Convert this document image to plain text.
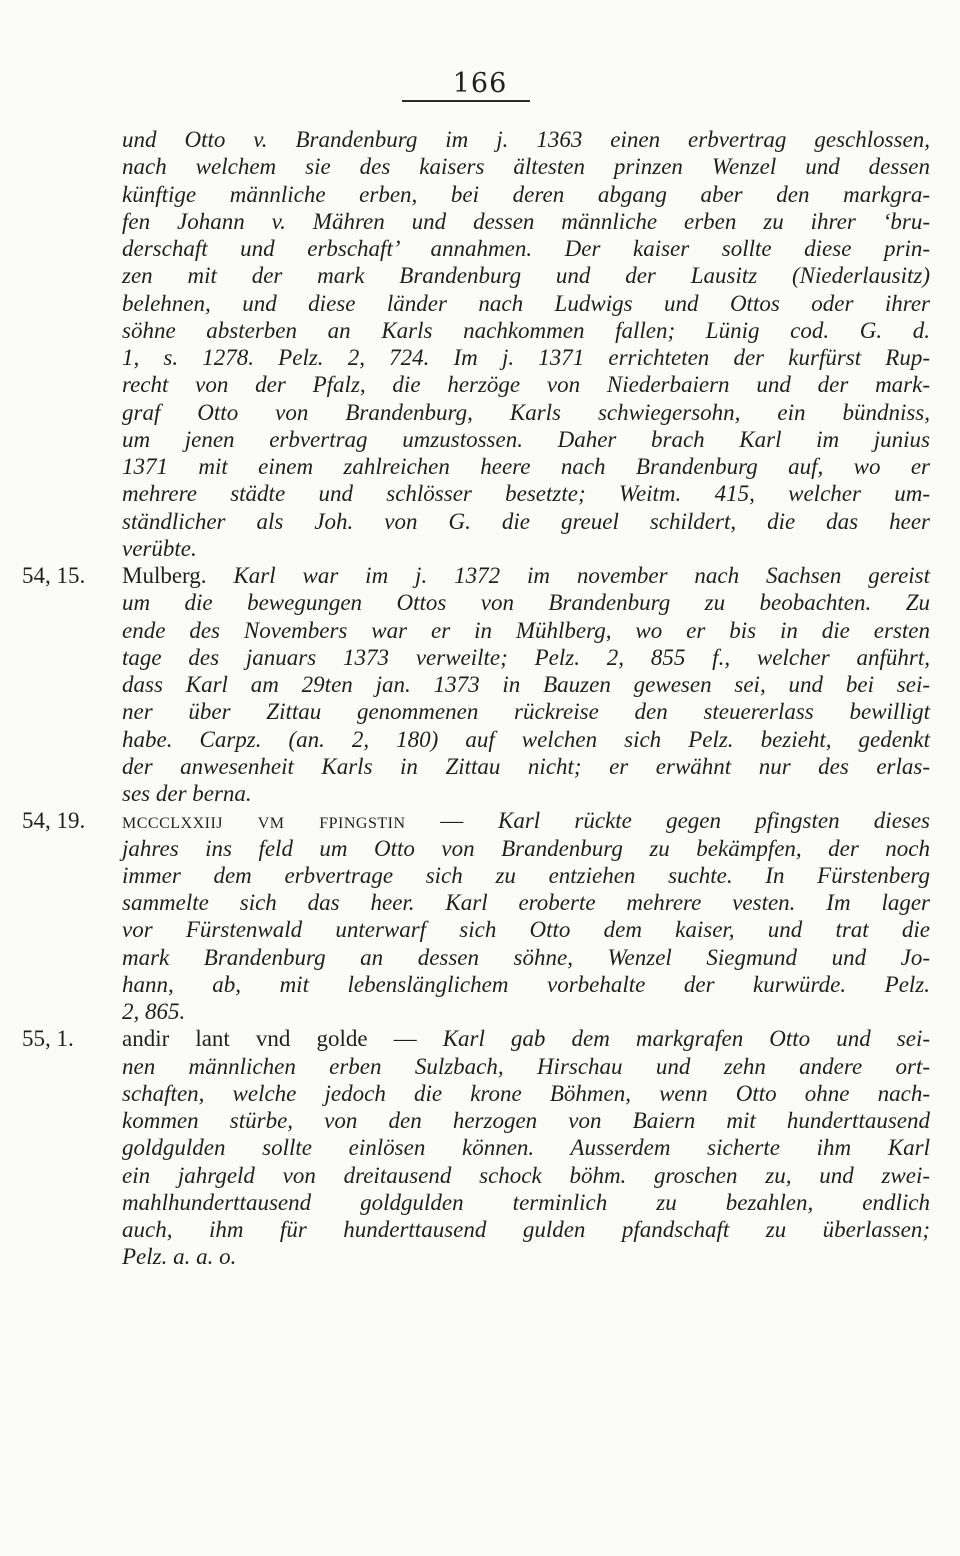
166
und Otto v. Brandenburg im j. 1363 einen erbvertrag geschlossen,
nach welchem sie des kaisers ältesten prinzen Wenzel und dessen
künftige männliche erben, bei deren abgang aber den markgra-
fen Johann v. Mähren und dessen männliche erben zu ihrer ‘bru-
derschaft und erbschaft’ annahmen. Der kaiser sollte diese prin-
zen mit der mark Brandenburg und der Lausitz (Niederlausitz)
belehnen, und diese länder nach Ludwigs und Ottos oder ihrer
söhne absterben an Karls nachkommen fallen; Lünig cod. G. d.
1, s. 1278. Pelz. 2, 724. Im j. 1371 errichteten der kurfürst Rup-
recht von der Pfalz, die herzöge von Niederbaiern und der mark-
graf Otto von Brandenburg, Karls schwiegersohn, ein bündniss,
um jenen erbvertrag umzustossen. Daher brach Karl im junius
1371 mit einem zahlreichen heere nach Brandenburg auf, wo er
mehrere städte und schlösser besetzte; Weitm. 415, welcher um-
ständlicher als Joh. von G. die greuel schildert, die das heer
verübte.
54, 15. Mulberg. Karl war im j. 1372 im november nach Sachsen gereist
um die bewegungen Ottos von Brandenburg zu beobachten. Zu
ende des Novembers war er in Mühlberg, wo er bis in die ersten
tage des januars 1373 verweilte; Pelz. 2, 855 f., welcher anführt,
dass Karl am 29ten jan. 1373 in Bauzen gewesen sei, und bei sei-
ner über Zittau genommenen rückreise den steuererlass bewilligt
habe. Carpz. (an. 2, 180) auf welchen sich Pelz. bezieht, gedenkt
der anwesenheit Karls in Zittau nicht; er erwähnt nur des erlas-
ses der berna.
54, 19. mccclxxiij vm fpingstin — Karl rückte gegen pfingsten dieses
jahres ins feld um Otto von Brandenburg zu bekämpfen, der noch
immer dem erbvertrage sich zu entziehen suchte. In Fürstenberg
sammelte sich das heer. Karl eroberte mehrere vesten. Im lager
vor Fürstenwald unterwarf sich Otto dem kaiser, und trat die
mark Brandenburg an dessen söhne, Wenzel Siegmund und Jo-
hann, ab, mit lebenslänglichem vorbehalte der kurwürde. Pelz.
2, 865.
55, 1. andir lant vnd golde — Karl gab dem markgrafen Otto und sei-
nen männlichen erben Sulzbach, Hirschau und zehn andere ort-
schaften, welche jedoch die krone Böhmen, wenn Otto ohne nach-
kommen stürbe, von den herzogen von Baiern mit hunderttausend
goldgulden sollte einlösen können. Ausserdem sicherte ihm Karl
ein jahrgeld von dreitausend schock böhm. groschen zu, und zwei-
mahlhunderttausend goldgulden terminlich zu bezahlen, endlich
auch, ihm für hunderttausend gulden pfandschaft zu überlassen;
Pelz. a. a. o.
